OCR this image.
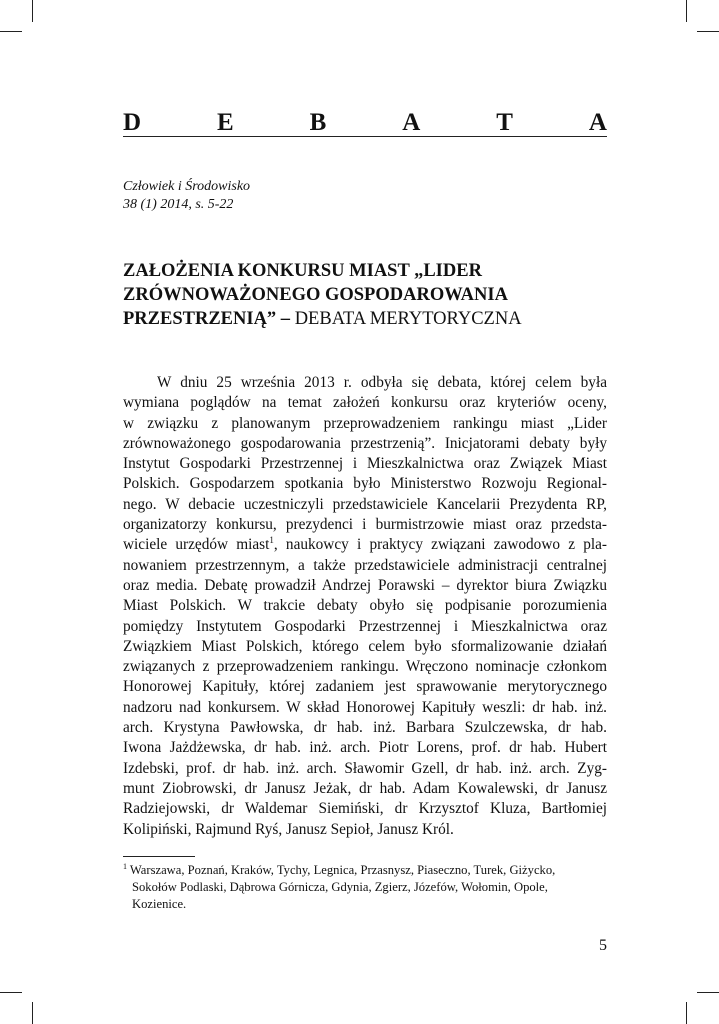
D	E	B	A	T	A
Człowiek i Środowisko
38 (1) 2014, s. 5-22
ZAŁOŻENIA KONKURSU MIAST „LIDER
ZRÓWNOWAŻONEGO GOSPODAROWANIA
PRZESTRZENIĄ” – DEBATA MERYTORYCZNA
W dniu 25 września 2013 r. odbyła się debata, której celem była
wymiana poglądów na temat założeń konkursu oraz kryteriów oceny,
w związku z planowanym przeprowadzeniem rankingu miast „Lider
zrównoważonego gospodarowania przestrzenią”. Inicjatorami debaty były
Instytut Gospodarki Przestrzennej i Mieszkalnictwa oraz Związek Miast
Polskich. Gospodarzem spotkania było Ministerstwo Rozwoju Regional-
nego. W debacie uczestniczyli przedstawiciele Kancelarii Prezydenta RP,
organizatorzy konkursu, prezydenci i burmistrzowie miast oraz przedsta-
wiciele urzędów miast$^1$, naukowcy i praktycy związani zawodowo z pla-
nowaniem przestrzennym, a także przedstawiciele administracji centralnej
oraz media. Debatę prowadził Andrzej Porawski – dyrektor biura Związku
Miast Polskich. W trakcie debaty obyło się podpisanie porozumienia
pomiędzy Instytutem Gospodarki Przestrzennej i Mieszkalnictwa oraz
Związkiem Miast Polskich, którego celem było sformalizowanie działań
związanych z przeprowadzeniem rankingu. Wręczono nominacje członkom
Honorowej Kapituły, której zadaniem jest sprawowanie merytorycznego
nadzoru nad konkursem. W skład Honorowej Kapituły weszli: dr hab. inż.
arch. Krystyna Pawłowska, dr hab. inż. Barbara Szulczewska, dr hab.
Iwona Jażdżewska, dr hab. inż. arch. Piotr Lorens, prof. dr hab. Hubert
Izdebski, prof. dr hab. inż. arch. Sławomir Gzell, dr hab. inż. arch. Zyg-
munt Ziobrowski, dr Janusz Jeżak, dr hab. Adam Kowalewski, dr Janusz
Radziejowski, dr Waldemar Siemiński, dr Krzysztof Kluza, Bartłomiej
Kolipiński, Rajmund Ryś, Janusz Sepioł, Janusz Król.
$^1$ Warszawa, Poznań, Kraków, Tychy, Legnica, Przasnysz, Piaseczno, Turek, Giżycko,
Sokołów Podlaski, Dąbrowa Górnicza, Gdynia, Zgierz, Józefów, Wołomin, Opole,
Kozienice.
5
